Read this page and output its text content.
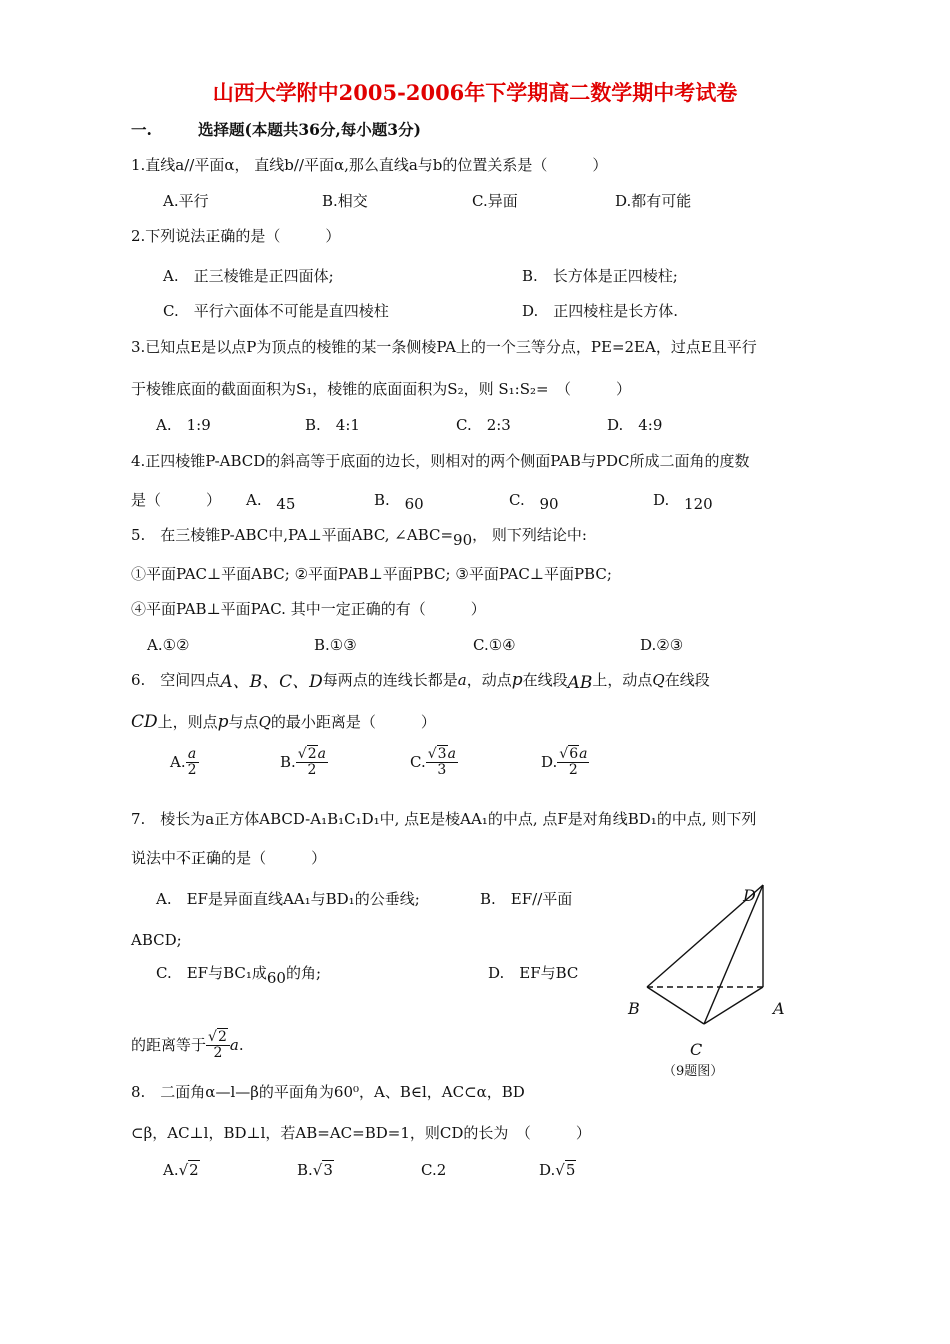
山西大学附中2005-2006年下学期高二数学期中考试卷
一.	选择题(本题共36分,每小题3分)
1.直线a//平面α， 直线b//平面α,那么直线a与b的位置关系是（　　　）
A.平行	B.相交	C.异面	D.都有可能
2.下列说法正确的是（　　　）
A.　正三棱锥是正四面体;	B.　长方体是正四棱柱;
C.　平行六面体不可能是直四棱柱	D.　正四棱柱是长方体.
3.已知点E是以点P为顶点的棱锥的某一条侧棱PA上的一个三等分点，PE=2EA，过点E且平行
于棱锥底面的截面面积为S₁，棱锥的底面面积为S₂，则 S₁:S₂=　（　　　）
A.　1:9	B.　4:1	C.　2:3	D.　4:9
4.正四棱锥P-ABCD的斜高等于底面的边长，则相对的两个侧面PAB与PDC所成二面角的度数
是（　　　） A. 45	B. 60	C. 90	D. 120
5.　在三棱锥P-ABC中,PA⊥平面ABC, ∠ABC=90， 则下列结论中:
①平面PAC⊥平面ABC; ②平面PAB⊥平面PBC; ③平面PAC⊥平面PBC;
④平面PAB⊥平面PAC. 其中一定正确的有（　　　）
A.①②	B.①③	C.①④	D.②③
6.　空间四点A、B、C、D每两点的连线长都是a，动点p在线段AB上，动点Q在线段
CD上，则点p与点Q的最小距离是（　　　）
A. $\frac{a}{2}$	B. $\frac{√2a}{2}$	C. $\frac{√3a}{3}$	D. $\frac{√6a}{2}$
7.　棱长为a正方体ABCD-A₁B₁C₁D₁中, 点E是棱AA₁的中点, 点F是对角线BD₁的中点, 则下列
说法中不正确的是（　　　）
A.　EF是异面直线AA₁与BD₁的公垂线;	B.　EF//平面
ABCD;
C.　EF与BC₁成60的角;	D.　EF与BC
的距离等于 $\frac{√2}{2} a$.
D
B	A
C
（9题图）
8.　二面角α—l—β的平面角为60⁰，A、B∈l，AC⊂α，BD
⊂β，AC⊥l，BD⊥l，若AB=AC=BD=1，则CD的长为　（　　　）
A.√2	B.√3	C.2	D.√5
